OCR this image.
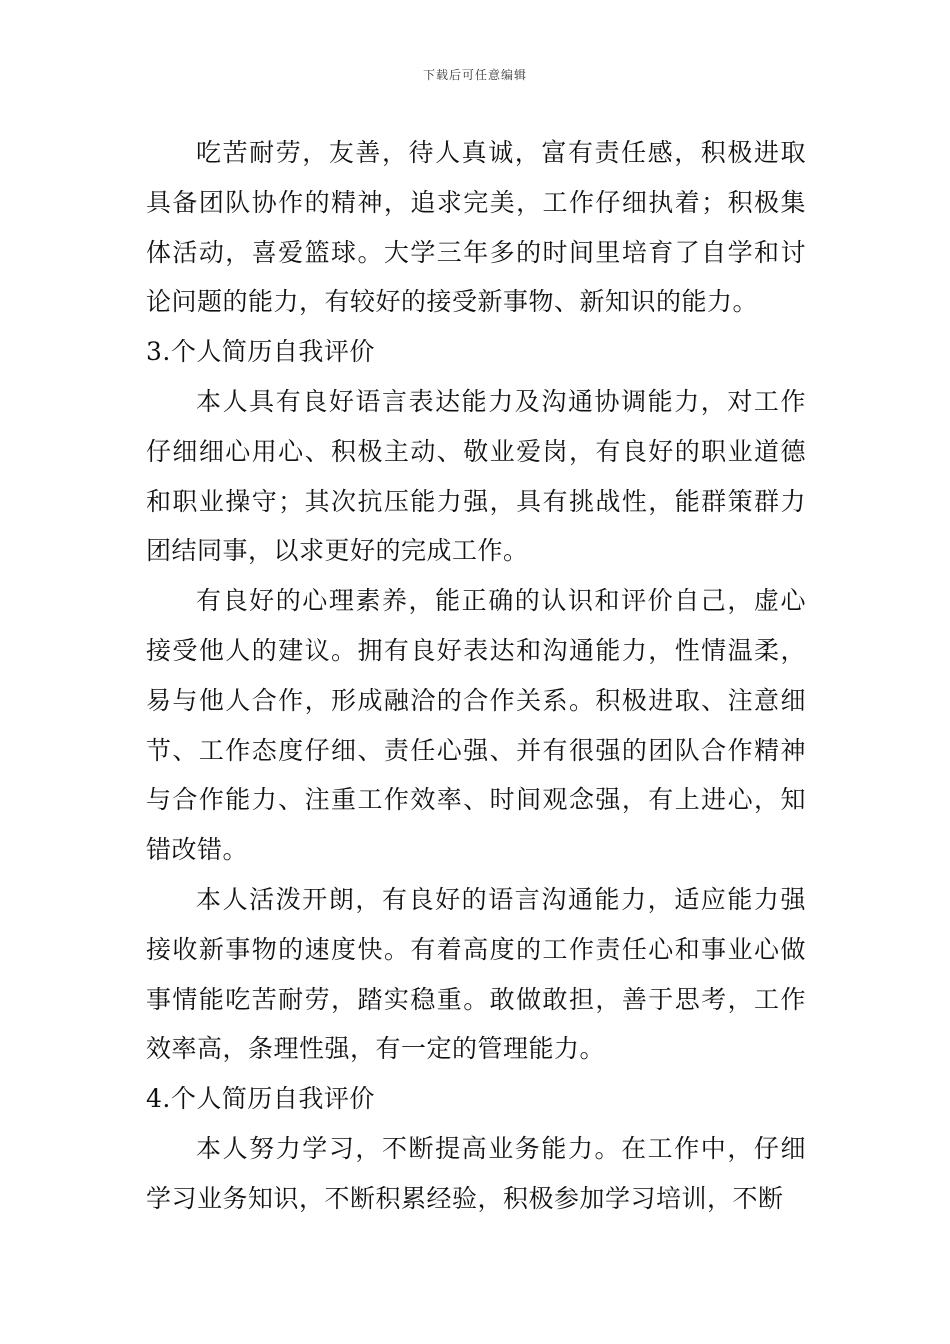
下载后可任意编辑

吃苦耐劳，友善，待人真诚，富有责任感，积极进取具备团队协作的精神，追求完美，工作仔细执着；积极集体活动，喜爱篮球。大学三年多的时间里培育了自学和讨论问题的能力，有较好的接受新事物、新知识的能力。

3.个人简历自我评价

本人具有良好语言表达能力及沟通协调能力，对工作仔细细心用心、积极主动、敬业爱岗，有良好的职业道德和职业操守；其次抗压能力强，具有挑战性，能群策群力团结同事，以求更好的完成工作。

有良好的心理素养，能正确的认识和评价自己，虚心接受他人的建议。拥有良好表达和沟通能力，性情温柔，易与他人合作，形成融洽的合作关系。积极进取、注意细节、工作态度仔细、责任心强、并有很强的团队合作精神与合作能力、注重工作效率、时间观念强，有上进心，知错改错。

本人活泼开朗，有良好的语言沟通能力，适应能力强接收新事物的速度快。有着高度的工作责任心和事业心做事情能吃苦耐劳，踏实稳重。敢做敢担，善于思考，工作效率高，条理性强，有一定的管理能力。

4.个人简历自我评价

本人努力学习，不断提高业务能力。在工作中，仔细学习业务知识，不断积累经验，积极参加学习培训，不断
